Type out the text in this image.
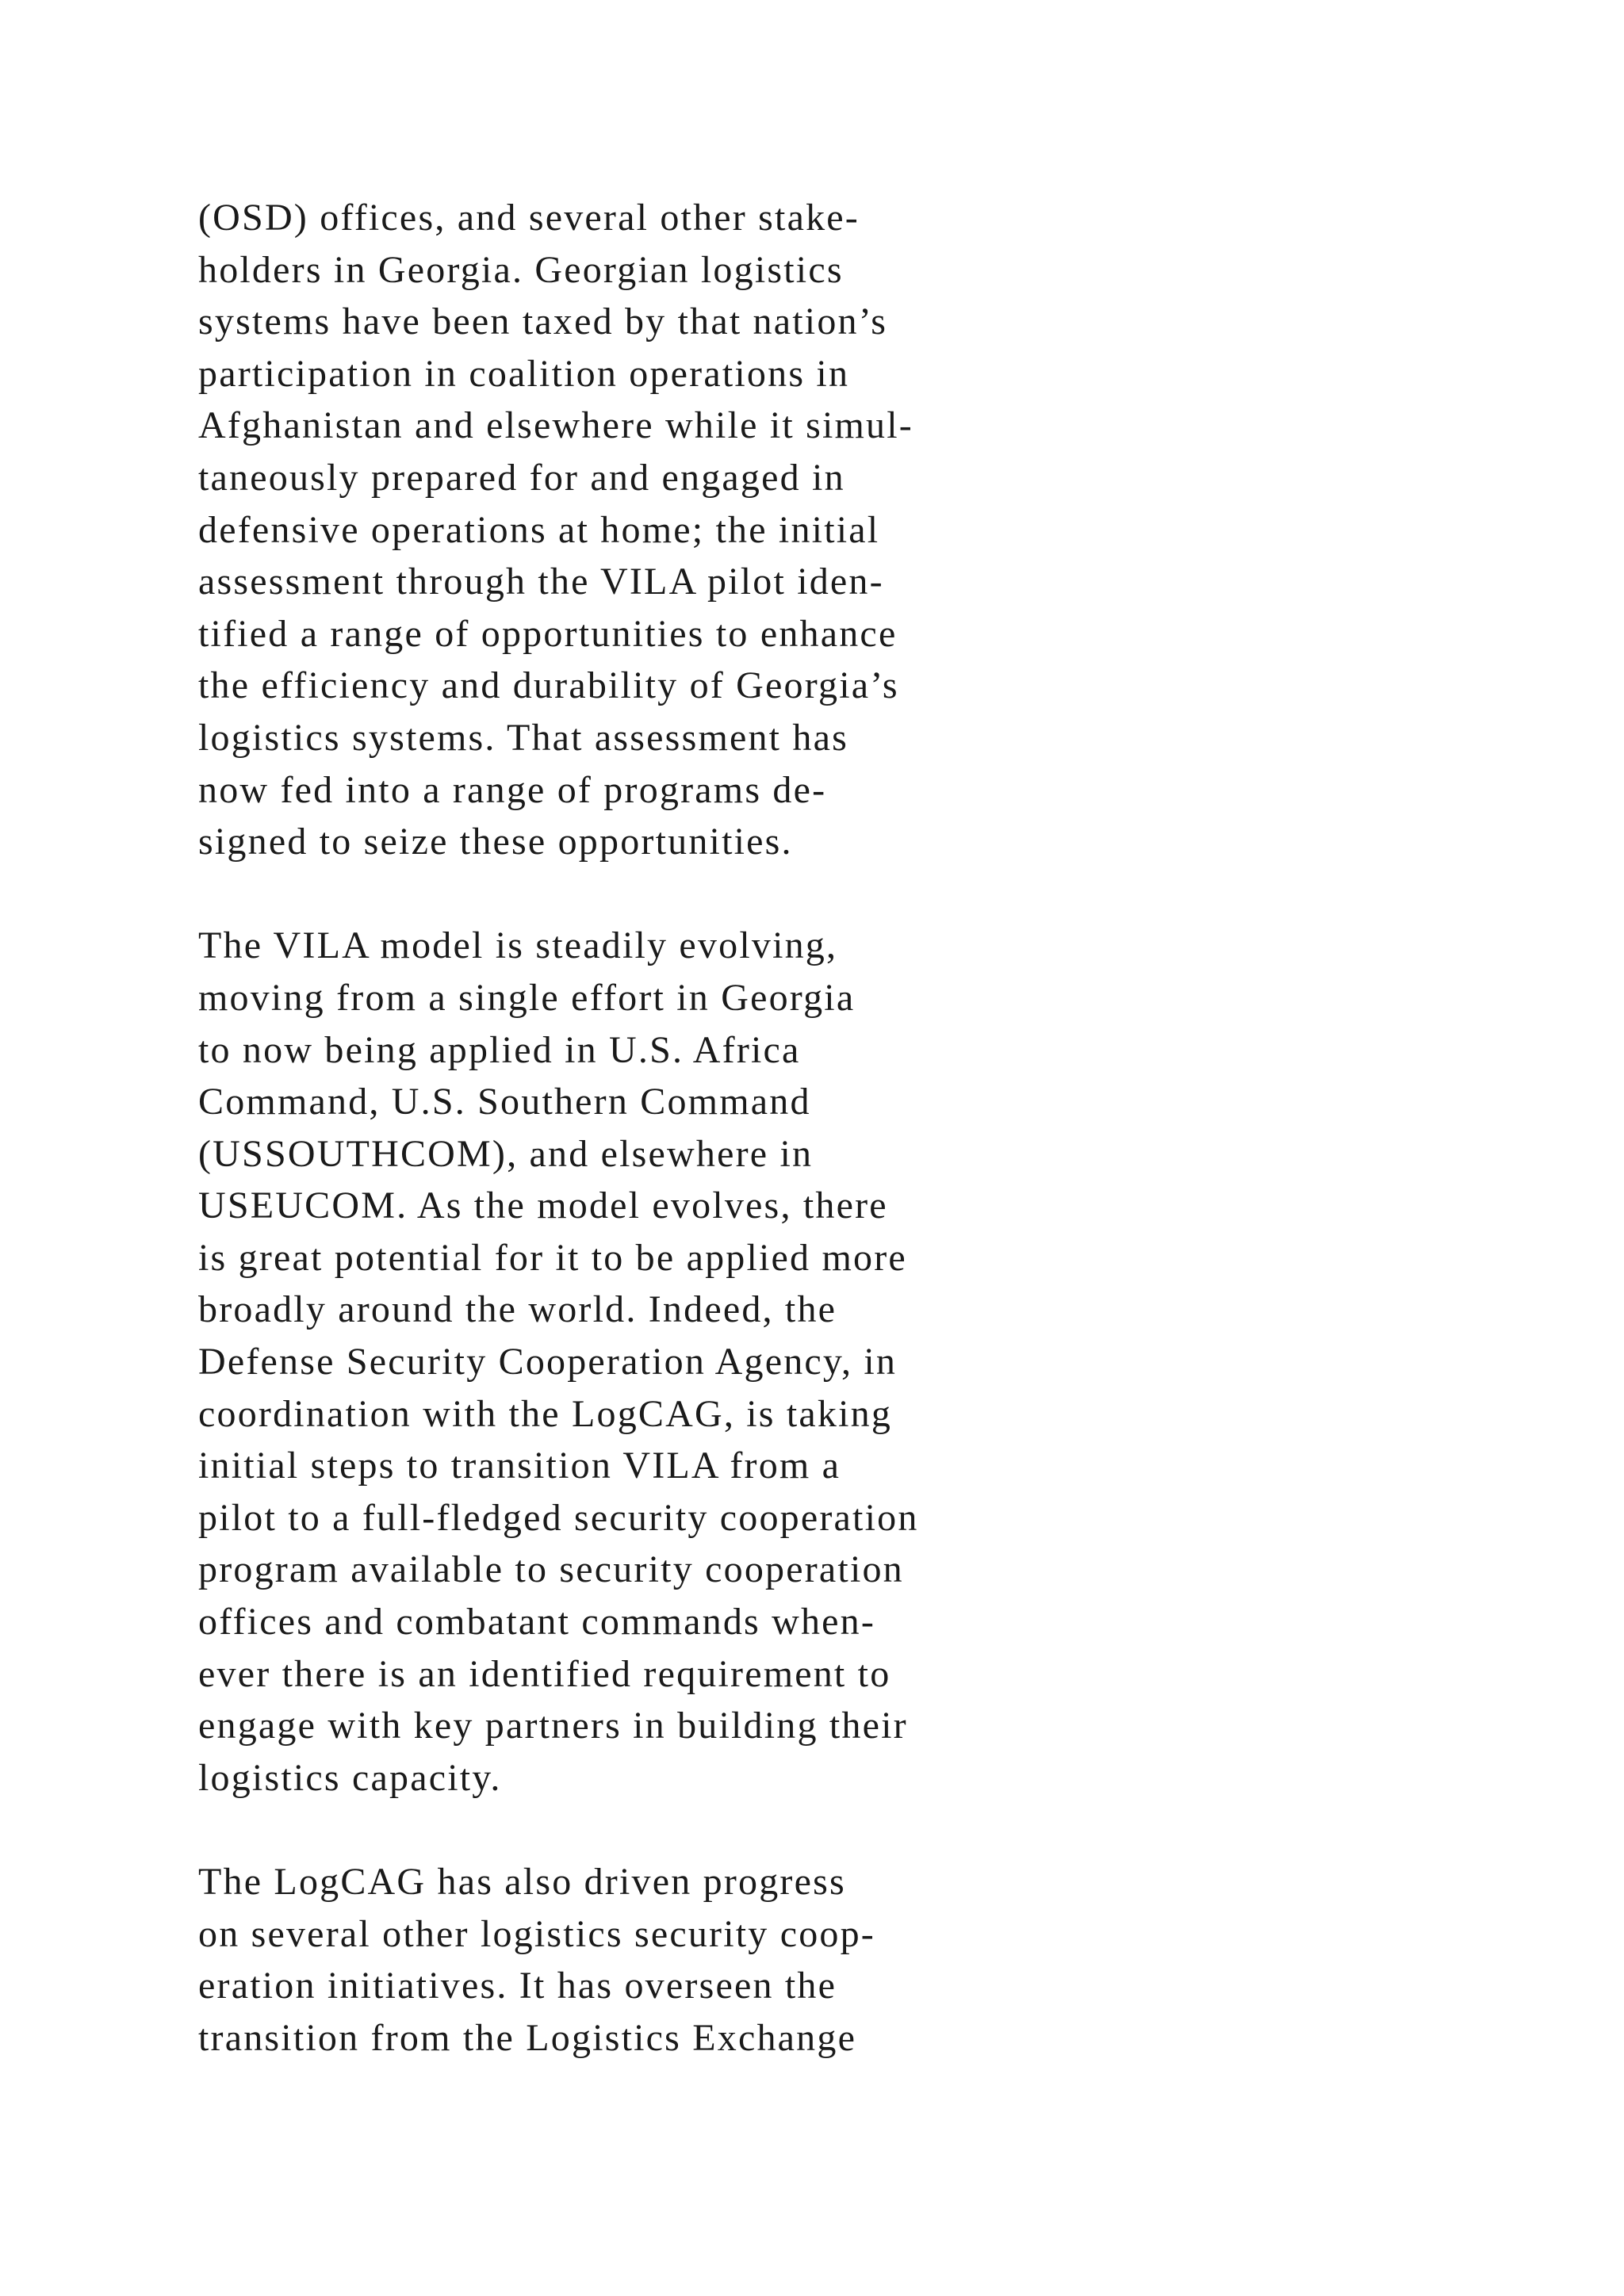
(OSD) offices, and several other stake-
holders in Georgia. Georgian logistics
systems have been taxed by that nation’s
participation in coalition operations in
Afghanistan and elsewhere while it simul-
taneously prepared for and engaged in
defensive operations at home; the initial
assessment through the VILA pilot iden-
tified a range of opportunities to enhance
the efficiency and durability of Georgia’s
logistics systems. That assessment has
now fed into a range of programs de-
signed to seize these opportunities.

The VILA model is steadily evolving,
moving from a single effort in Georgia
to now being applied in U.S. Africa
Command, U.S. Southern Command
(USSOUTHCOM), and elsewhere in
USEUCOM. As the model evolves, there
is great potential for it to be applied more
broadly around the world. Indeed, the
Defense Security Cooperation Agency, in
coordination with the LogCAG, is taking
initial steps to transition VILA from a
pilot to a full-fledged security cooperation
program available to security cooperation
offices and combatant commands when-
ever there is an identified requirement to
engage with key partners in building their
logistics capacity.

The LogCAG has also driven progress
on several other logistics security coop-
eration initiatives. It has overseen the
transition from the Logistics Exchange
